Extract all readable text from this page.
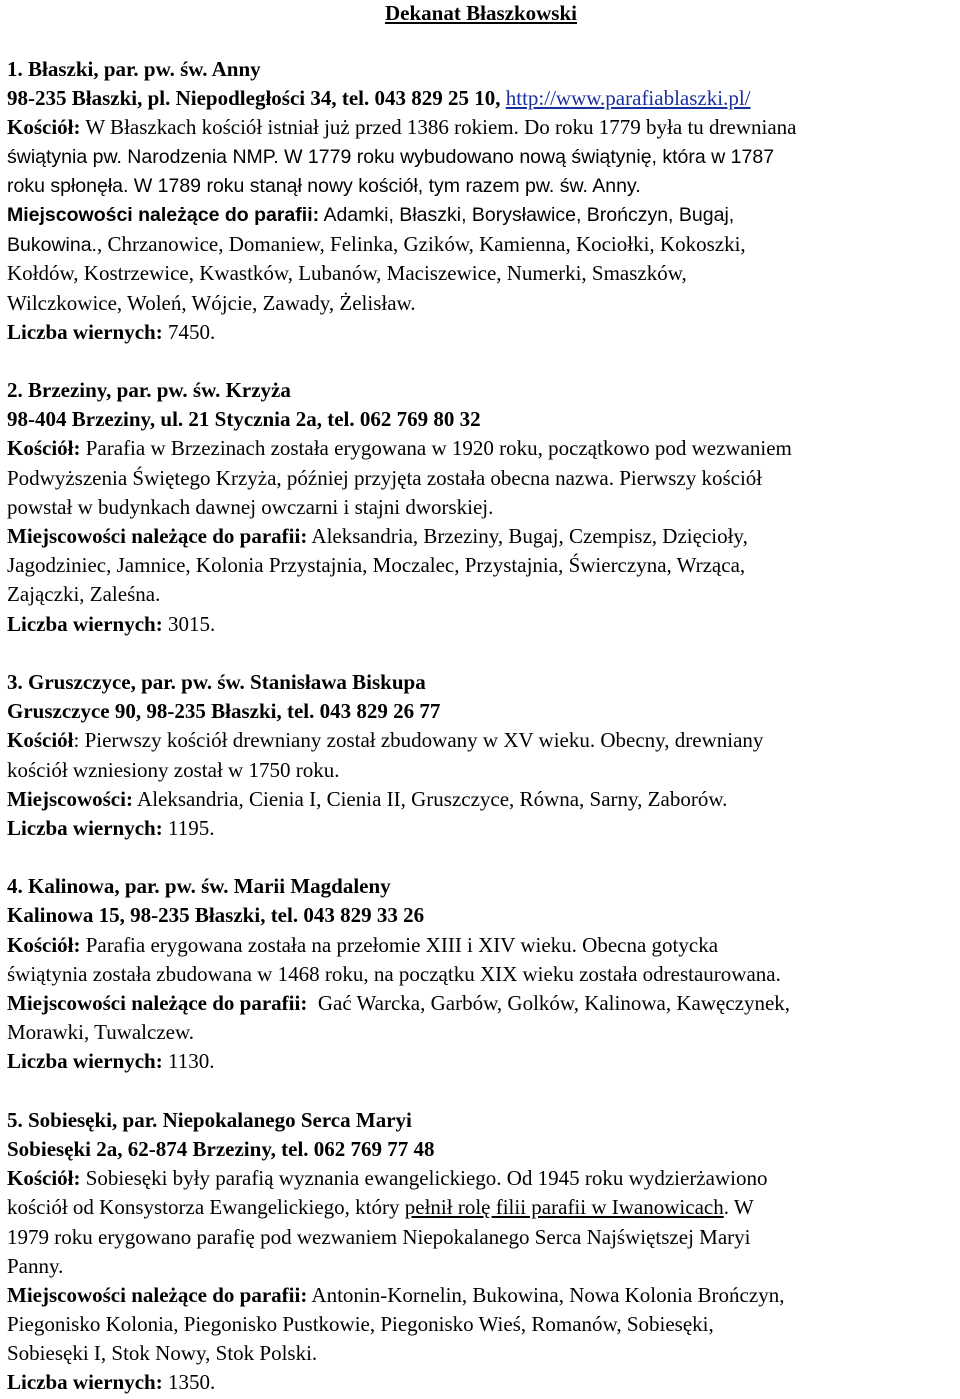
Dekanat Błaszkowski

1. Błaszki, par. pw. św. Anny

98-235 Błaszki, pl. Niepodległości 34, tel. 043 829 25 10, http://www.parafiablaszki.pl/

Kościół: W Błaszkach kościół istniał już przed 1386 rokiem. Do roku 1779 była tu drewniana

świątynia pw. Narodzenia NMP. W 1779 roku wybudowano nową świątynię, która w 1787

roku spłonęła. W 1789 roku stanął nowy kościół, tym razem pw. św. Anny.

Miejscowości należące do parafii: Adamki, Błaszki, Borysławice, Brończyn, Bugaj,

Bukowina., Chrzanowice, Domaniew, Felinka, Gzików, Kamienna, Kociołki, Kokoszki,

Kołdów, Kostrzewice, Kwastków, Lubanów, Maciszewice, Numerki, Smaszków,

Wilczkowice, Woleń, Wójcie, Zawady, Żelisław.

Liczba wiernych: 7450.

2. Brzeziny, par. pw. św. Krzyża

98-404 Brzeziny, ul. 21 Stycznia 2a, tel. 062 769 80 32

Kościół: Parafia w Brzezinach została erygowana w 1920 roku, początkowo pod wezwaniem

Podwyższenia Świętego Krzyża, później przyjęta została obecna nazwa. Pierwszy kościół

powstał w budynkach dawnej owczarni i stajni dworskiej.

Miejscowości należące do parafii: Aleksandria, Brzeziny, Bugaj, Czempisz, Dzięcioły,

Jagodziniec, Jamnice, Kolonia Przystajnia, Moczalec, Przystajnia, Świerczyna, Wrząca,

Zajączki, Zaleśna.

Liczba wiernych: 3015.

3. Gruszczyce, par. pw. św. Stanisława Biskupa

Gruszczyce 90, 98-235 Błaszki, tel. 043 829 26 77

Kościół: Pierwszy kościół drewniany został zbudowany w XV wieku. Obecny, drewniany

kościół wzniesiony został w 1750 roku.

Miejscowości: Aleksandria, Cienia I, Cienia II, Gruszczyce, Równa, Sarny, Zaborów.

Liczba wiernych: 1195.

4. Kalinowa, par. pw. św. Marii Magdaleny

Kalinowa 15, 98-235 Błaszki, tel. 043 829 33 26

Kościół: Parafia erygowana została na przełomie XIII i XIV wieku. Obecna gotycka

świątynia została zbudowana w 1468 roku, na początku XIX wieku została odrestaurowana.

Miejscowości należące do parafii:  Gać Warcka, Garbów, Golków, Kalinowa, Kawęczynek,

Morawki, Tuwalczew.

Liczba wiernych: 1130.

5. Sobiesęki, par. Niepokalanego Serca Maryi

Sobiesęki 2a, 62-874 Brzeziny, tel. 062 769 77 48

Kościół: Sobiesęki były parafią wyznania ewangelickiego. Od 1945 roku wydzierżawiono

kościół od Konsystorza Ewangelickiego, który pełnił rolę filii parafii w Iwanowicach. W

1979 roku erygowano parafię pod wezwaniem Niepokalanego Serca Najświętszej Maryi

Panny.

Miejscowości należące do parafii: Antonin-Kornelin, Bukowina, Nowa Kolonia Brończyn,

Piegonisko Kolonia, Piegonisko Pustkowie, Piegonisko Wieś, Romanów, Sobiesęki,

Sobiesęki I, Stok Nowy, Stok Polski.

Liczba wiernych: 1350.
